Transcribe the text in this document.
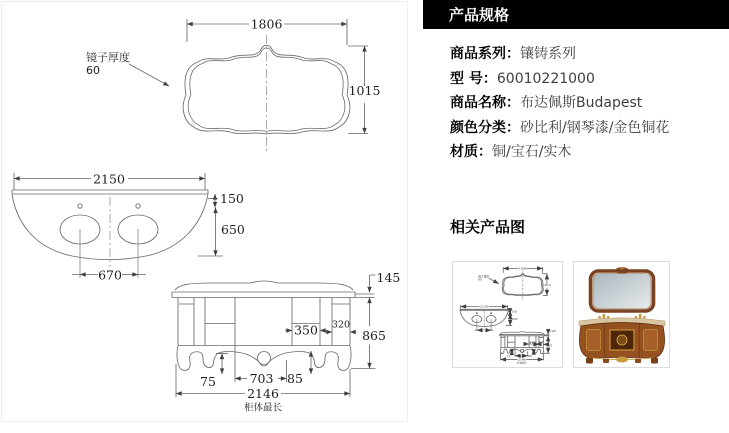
产品规格
商品系列： 镶铸系列
型 号： 60010221000
商品名称： 布达佩斯Budapest
颜色分类： 砂比利/钢琴漆/金色铜花
材质： 铜/宝石/实木
相关产品图
